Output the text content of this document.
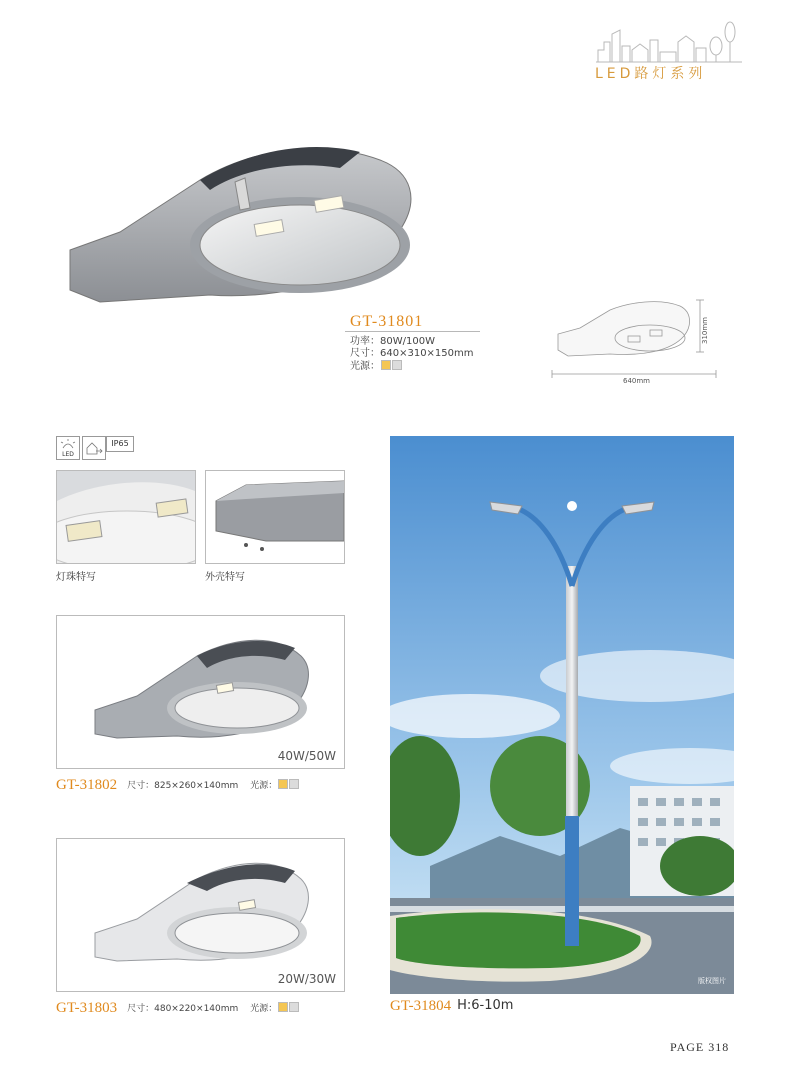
LED路灯系列
GT-31801
功率：80W/100W
尺寸：640×310×150mm
光源：
640mm
310mm
LED
IP65
灯珠特写	外壳特写
40W/50W
GT-31802 尺寸：825×260×140mm 光源：
20W/30W
GT-31803 尺寸：480×220×140mm 光源：
版权图片
GT-31804 H:6-10m
PAGE 318
